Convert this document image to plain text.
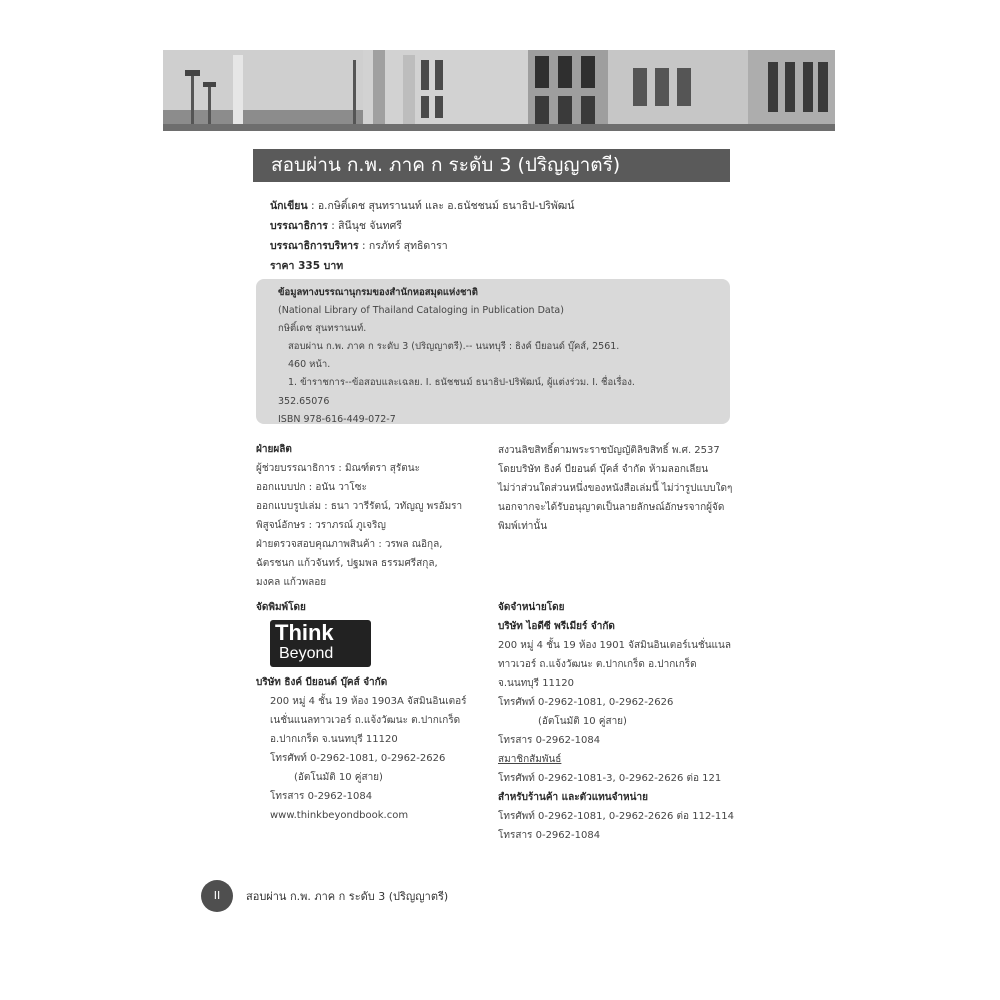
สอบผ่าน ก.พ. ภาค ก ระดับ 3 (ปริญญาตรี)
นักเขียน : อ.กษิติ์เดช สุนทรานนท์ และ อ.ธนัชชนม์ ธนาธิป-ปริพัฒน์
บรรณาธิการ : สินีนุช จันทศรี
บรรณาธิการบริหาร : กรภัทร์ สุทธิดารา
ราคา 335 บาท
ข้อมูลทางบรรณานุกรมของสำนักหอสมุดแห่งชาติ
(National Library of Thailand Cataloging in Publication Data)
กษิติ์เดช สุนทรานนท์.
สอบผ่าน ก.พ. ภาค ก ระดับ 3 (ปริญญาตรี).-- นนทบุรี : ธิงค์ บียอนด์ บุ๊คส์, 2561.
460 หน้า.
1. ข้าราชการ--ข้อสอบและเฉลย. I. ธนัชชนม์ ธนาธิป-ปริพัฒน์, ผู้แต่งร่วม. I. ชื่อเรื่อง.
352.65076
ISBN 978-616-449-072-7
ฝ่ายผลิต
ผู้ช่วยบรรณาธิการ : มิณฑ์ตรา สุรัตนะ
ออกแบบปก : อนัน วาโซะ
ออกแบบรูปเล่ม : ธนา วารีรัตน์, วทัญญู พรอัมรา
พิสูจน์อักษร : วราภรณ์ ภูเจริญ
ฝ่ายตรวจสอบคุณภาพสินค้า : วรพล ณอิกุล,
ฉัตรชนก แก้วจันทร์, ปฐมพล ธรรมศรีสกุล,
มงคล แก้วพลอย
สงวนลิขสิทธิ์ตามพระราชบัญญัติลิขสิทธิ์ พ.ศ. 2537
โดยบริษัท ธิงค์ บียอนด์ บุ๊คส์ จำกัด ห้ามลอกเลียน
ไม่ว่าส่วนใดส่วนหนึ่งของหนังสือเล่มนี้ ไม่ว่ารูปแบบใดๆ
นอกจากจะได้รับอนุญาตเป็นลายลักษณ์อักษรจากผู้จัด
พิมพ์เท่านั้น
จัดพิมพ์โดย
Think
Beyond
บริษัท ธิงค์ บียอนด์ บุ๊คส์ จำกัด
200 หมู่ 4 ชั้น 19 ห้อง 1903A จัสมินอินเตอร์
เนชั่นแนลทาวเวอร์ ถ.แจ้งวัฒนะ ต.ปากเกร็ด
อ.ปากเกร็ด จ.นนทบุรี 11120
โทรศัพท์ 0-2962-1081, 0-2962-2626
(อัตโนมัติ 10 คู่สาย)
โทรสาร 0-2962-1084
www.thinkbeyondbook.com
จัดจำหน่ายโดย
บริษัท ไอดีซี พรีเมียร์ จำกัด
200 หมู่ 4 ชั้น 19 ห้อง 1901 จัสมินอินเตอร์เนชั่นแนล
ทาวเวอร์ ถ.แจ้งวัฒนะ ต.ปากเกร็ด อ.ปากเกร็ด
จ.นนทบุรี 11120
โทรศัพท์ 0-2962-1081, 0-2962-2626
(อัตโนมัติ 10 คู่สาย)
โทรสาร 0-2962-1084
สมาชิกสัมพันธ์
โทรศัพท์ 0-2962-1081-3, 0-2962-2626 ต่อ 121
สำหรับร้านค้า และตัวแทนจำหน่าย
โทรศัพท์ 0-2962-1081, 0-2962-2626 ต่อ 112-114
โทรสาร 0-2962-1084
II	สอบผ่าน ก.พ. ภาค ก ระดับ 3 (ปริญญาตรี)
